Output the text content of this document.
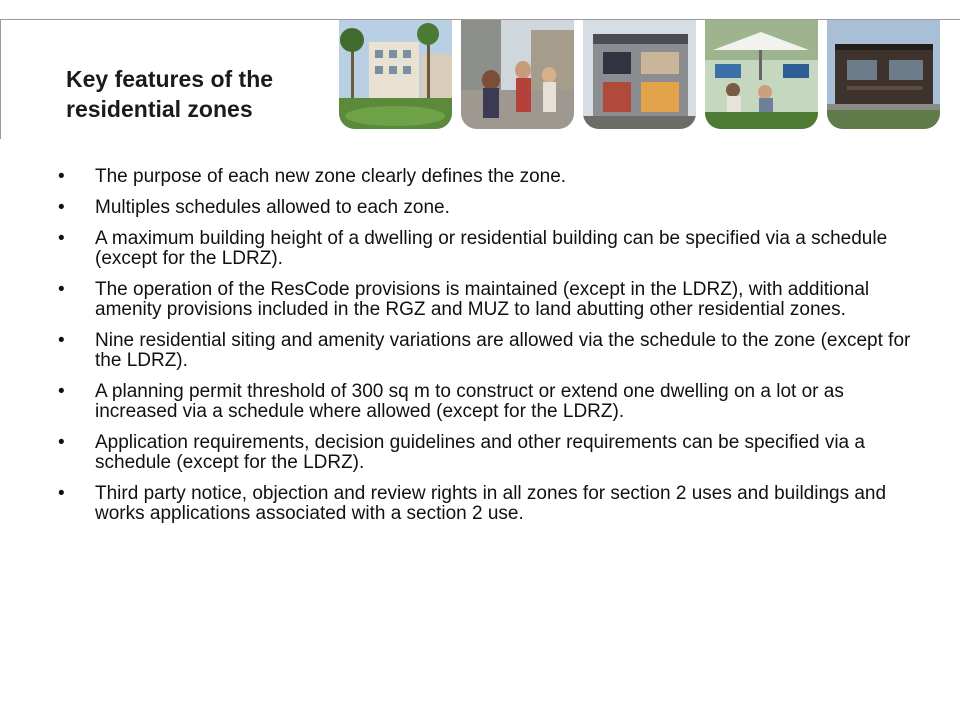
Key features of the residential zones
• The purpose of each new zone clearly defines the zone.
• Multiples schedules allowed to each zone.
• A maximum building height of a dwelling or residential building can be specified via a schedule (except for the LDRZ).
• The operation of the ResCode provisions is maintained (except in the LDRZ), with additional amenity provisions included in the RGZ and MUZ to land abutting other residential zones.
• Nine residential siting and amenity variations are allowed via the schedule to the zone (except for the LDRZ).
• A planning permit threshold of 300 sq m to construct or extend one dwelling on a lot or as increased via a schedule where allowed (except for the LDRZ).
• Application requirements, decision guidelines and other requirements can be specified via a schedule (except for the LDRZ).
• Third party notice, objection and review rights in all zones for section 2 uses and buildings and works applications associated with a section 2 use.
